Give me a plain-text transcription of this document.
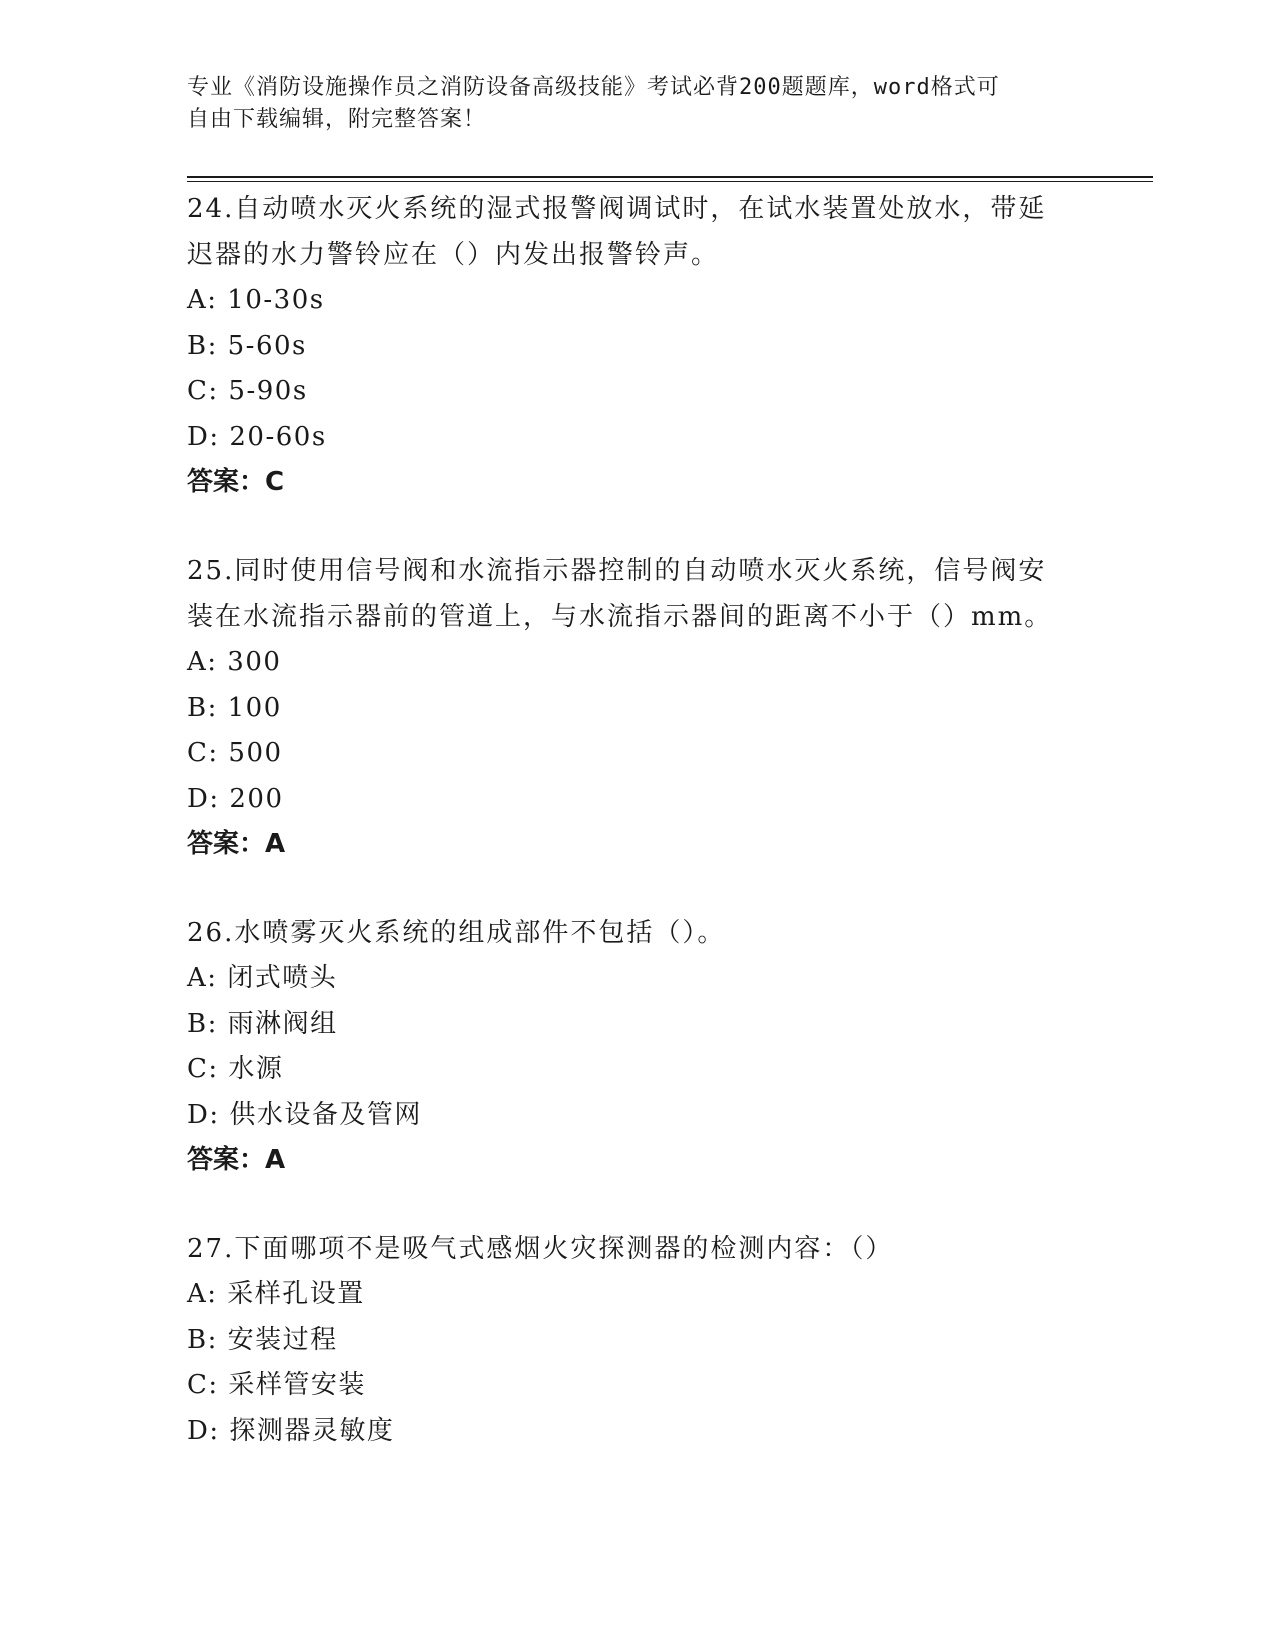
专业《消防设施操作员之消防设备高级技能》考试必背200题题库，word格式可
自由下载编辑，附完整答案！

24.自动喷水灭火系统的湿式报警阀调试时，在试水装置处放水，带延

迟器的水力警铃应在（）内发出报警铃声。

A: 10-30s

B: 5-60s

C: 5-90s

D: 20-60s

答案：C

25.同时使用信号阀和水流指示器控制的自动喷水灭火系统，信号阀安

装在水流指示器前的管道上，与水流指示器间的距离不小于（）mm。

A: 300

B: 100

C: 500

D: 200

答案：A

26.水喷雾灭火系统的组成部件不包括（）。

A: 闭式喷头

B: 雨淋阀组

C: 水源

D: 供水设备及管网

答案：A

27.下面哪项不是吸气式感烟火灾探测器的检测内容：（）

A: 采样孔设置

B: 安装过程

C: 采样管安装

D: 探测器灵敏度
